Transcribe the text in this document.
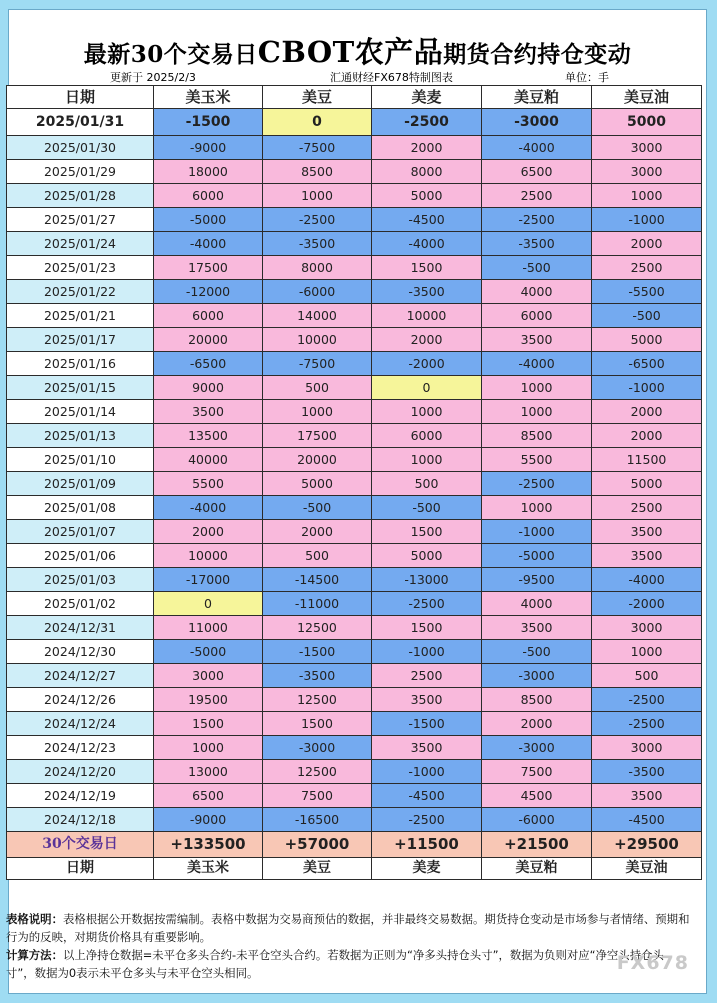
最新30个交易日CBOT农产品期货合约持仓变动
更新于 2025/2/3	汇通财经FX678特制图表	单位：手
日期	美玉米	美豆	美麦	美豆粕	美豆油
2025/01/31	-1500	0	-2500	-3000	5000
2025/01/30	-9000	-7500	2000	-4000	3000
2025/01/29	18000	8500	8000	6500	3000
2025/01/28	6000	1000	5000	2500	1000
2025/01/27	-5000	-2500	-4500	-2500	-1000
2025/01/24	-4000	-3500	-4000	-3500	2000
2025/01/23	17500	8000	1500	-500	2500
2025/01/22	-12000	-6000	-3500	4000	-5500
2025/01/21	6000	14000	10000	6000	-500
2025/01/17	20000	10000	2000	3500	5000
2025/01/16	-6500	-7500	-2000	-4000	-6500
2025/01/15	9000	500	0	1000	-1000
2025/01/14	3500	1000	1000	1000	2000
2025/01/13	13500	17500	6000	8500	2000
2025/01/10	40000	20000	1000	5500	11500
2025/01/09	5500	5000	500	-2500	5000
2025/01/08	-4000	-500	-500	1000	2500
2025/01/07	2000	2000	1500	-1000	3500
2025/01/06	10000	500	5000	-5000	3500
2025/01/03	-17000	-14500	-13000	-9500	-4000
2025/01/02	0	-11000	-2500	4000	-2000
2024/12/31	11000	12500	1500	3500	3000
2024/12/30	-5000	-1500	-1000	-500	1000
2024/12/27	3000	-3500	2500	-3000	500
2024/12/26	19500	12500	3500	8500	-2500
2024/12/24	1500	1500	-1500	2000	-2500
2024/12/23	1000	-3000	3500	-3000	3000
2024/12/20	13000	12500	-1000	7500	-3500
2024/12/19	6500	7500	-4500	4500	3500
2024/12/18	-9000	-16500	-2500	-6000	-4500
30个交易日	+133500	+57000	+11500	+21500	+29500
日期	美玉米	美豆	美麦	美豆粕	美豆油
表格说明：表格根据公开数据按需编制。表格中数据为交易商预估的数据，并非最终交易数据。期货持仓变动是市场参与者情绪、预期和行为的反映，对期货价格具有重要影响。
计算方法：以上净持仓数据=未平仓多头合约-未平仓空头合约。若数据为正则为“净多头持仓头寸”，数据为负则对应“净空头持仓头寸”，数据为0表示未平仓多头与未平仓空头相同。	FX678
